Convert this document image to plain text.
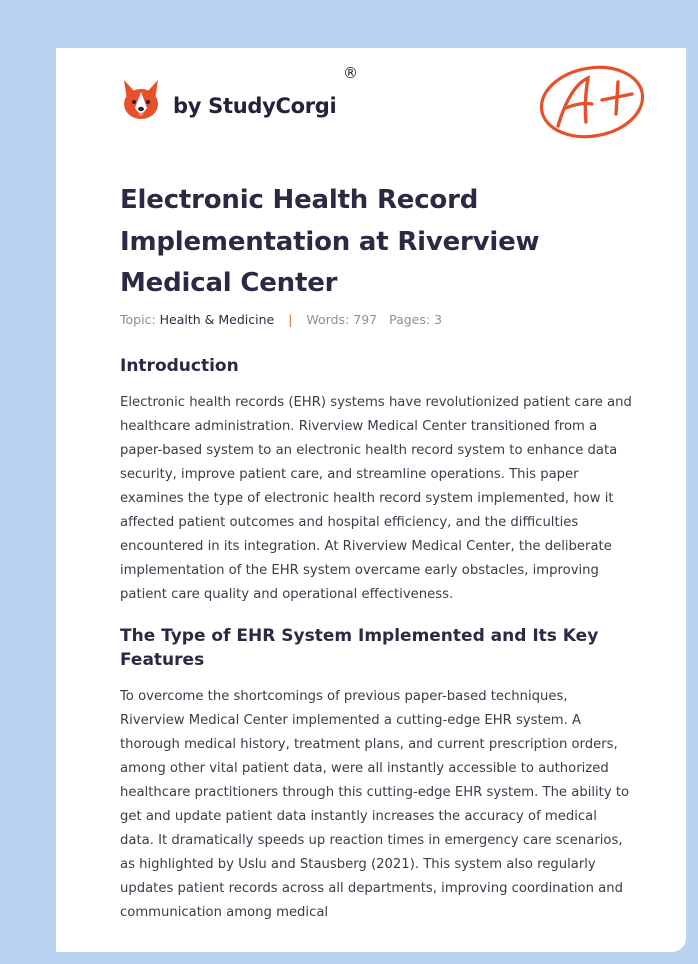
by StudyCorgi
®
Electronic Health Record Implementation at Riverview Medical Center
Topic: Health & Medicine | Words: 797 Pages: 3
Introduction

Electronic health records (EHR) systems have revolutionized patient care and healthcare administration. Riverview Medical Center transitioned from a paper-based system to an electronic health record system to enhance data security, improve patient care, and streamline operations. This paper examines the type of electronic health record system implemented, how it affected patient outcomes and hospital efficiency, and the difficulties encountered in its integration. At Riverview Medical Center, the deliberate implementation of the EHR system overcame early obstacles, improving patient care quality and operational effectiveness.

The Type of EHR System Implemented and Its Key Features

To overcome the shortcomings of previous paper-based techniques, Riverview Medical Center implemented a cutting-edge EHR system. A thorough medical history, treatment plans, and current prescription orders, among other vital patient data, were all instantly accessible to authorized healthcare practitioners through this cutting-edge EHR system. The ability to get and update patient data instantly increases the accuracy of medical data. It dramatically speeds up reaction times in emergency care scenarios, as highlighted by Uslu and Stausberg (2021). This system also regularly updates patient records across all departments, improving coordination and communication among medical
